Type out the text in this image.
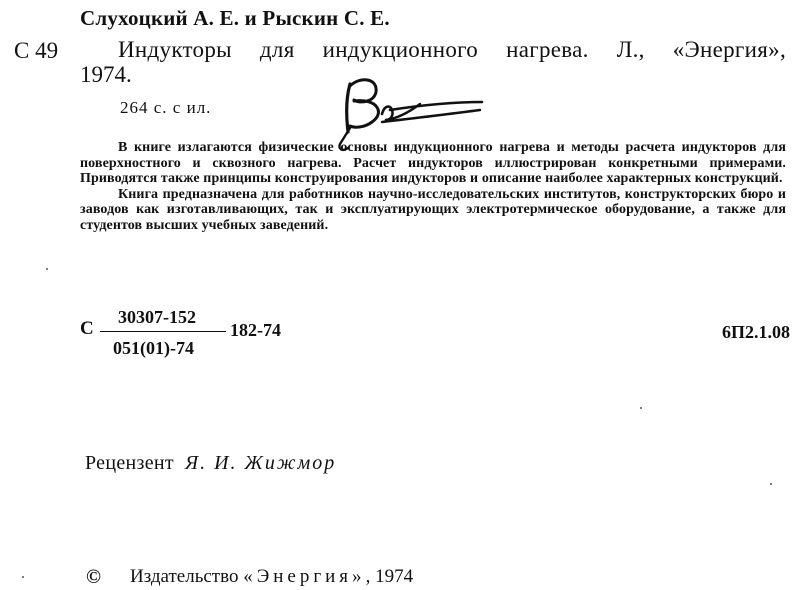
Слухоцкий А. Е. и Рыскин С. Е.
С 49	Индукторы для индукционного нагрева. Л., «Энергия»,
1974.
264 с. с ил.

В книге излагаются физические основы индукционного нагрева и методы расчета индукторов для поверхностного и сквозного нагрева. Расчет индукторов иллюстрирован конкретными примерами. Приводятся также принципы конструирования индукторов и описание наиболее характерных конструкций.

Книга предназначена для работников научно-исследовательских институтов, конструкторских бюро и заводов как изготавливающих, так и эксплуатирующих электротермическое оборудование, а также для студентов высших учебных заведений.

С
30307-152
051(01)-74
182-74	6П2.1.08
Рецензент Я. И. Жижмор
© Издательство «Энергия», 1974
